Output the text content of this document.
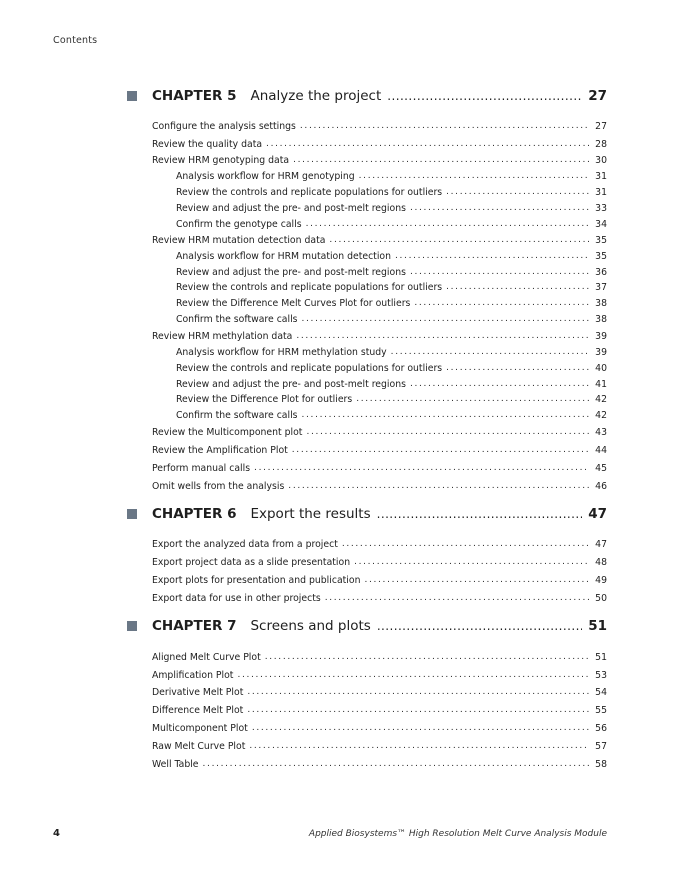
Contents
CHAPTER 5 Analyze the project . . .	27
Configure the analysis settings . . .	27
Review the quality data . . .	28
Review HRM genotyping data . . .	30
Analysis workflow for HRM genotyping . . .	31
Review the controls and replicate populations for outliers . . .	31
Review and adjust the pre- and post-melt regions . . .	33
Confirm the genotype calls . . .	34
Review HRM mutation detection data . . .	35
Analysis workflow for HRM mutation detection . . .	35
Review and adjust the pre- and post-melt regions . . .	36
Review the controls and replicate populations for outliers . . .	37
Review the Difference Melt Curves Plot for outliers . . .	38
Confirm the software calls . . .	38
Review HRM methylation data . . .	39
Analysis workflow for HRM methylation study . . .	39
Review the controls and replicate populations for outliers . . .	40
Review and adjust the pre- and post-melt regions . . .	41
Review the Difference Plot for outliers . . .	42
Confirm the software calls . . .	42
Review the Multicomponent plot . . .	43
Review the Amplification Plot . . .	44
Perform manual calls . . .	45
Omit wells from the analysis . . .	46
CHAPTER 6 Export the results . . .	47
Export the analyzed data from a project . . .	47
Export project data as a slide presentation . . .	48
Export plots for presentation and publication . . .	49
Export data for use in other projects . . .	50
CHAPTER 7 Screens and plots . . .	51
Aligned Melt Curve Plot . . .	51
Amplification Plot . . .	53
Derivative Melt Plot . . .	54
Difference Melt Plot . . .	55
Multicomponent Plot . . .	56
Raw Melt Curve Plot . . .	57
Well Table . . .	58
4	Applied Biosystems™ High Resolution Melt Curve Analysis Module
